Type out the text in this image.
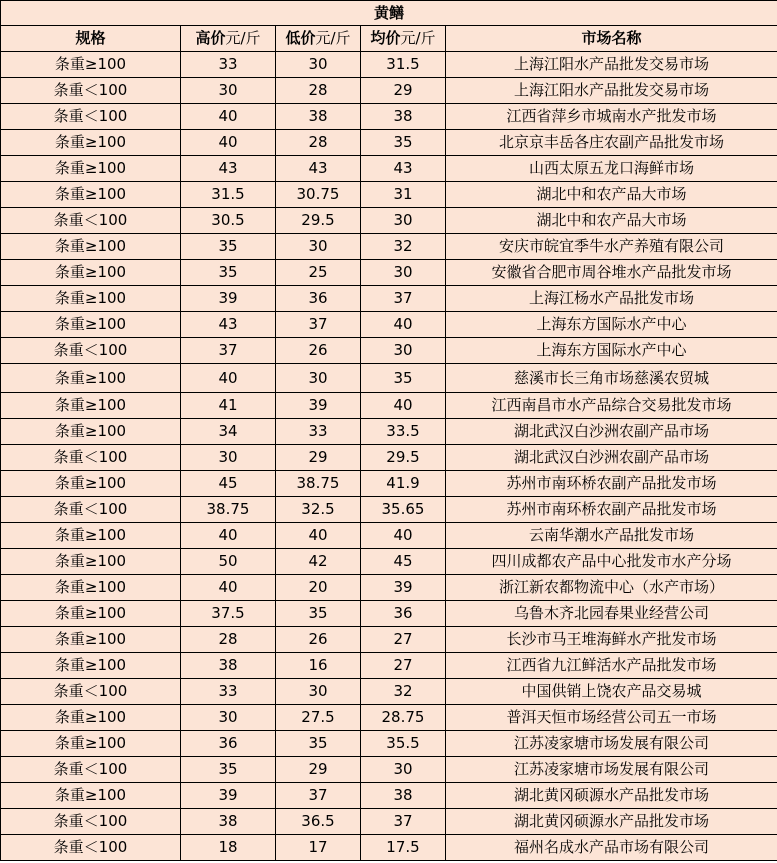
黄鳝				
规格	高价元/斤	低价元/斤	均价元/斤	市场名称
条重≥100	33	30	31.5	上海江阳水产品批发交易市场
条重＜100	30	28	29	上海江阳水产品批发交易市场
条重＜100	40	38	38	江西省萍乡市城南水产批发市场
条重≥100	40	28	35	北京京丰岳各庄农副产品批发市场
条重≥100	43	43	43	山西太原五龙口海鲜市场
条重≥100	31.5	30.75	31	湖北中和农产品大市场
条重＜100	30.5	29.5	30	湖北中和农产品大市场
条重≥100	35	30	32	安庆市皖宜季牛水产养殖有限公司
条重≥100	35	25	30	安徽省合肥市周谷堆水产品批发市场
条重≥100	39	36	37	上海江杨水产品批发市场
条重≥100	43	37	40	上海东方国际水产中心
条重＜100	37	26	30	上海东方国际水产中心
条重≥100	40	30	35	慈溪市长三角市场慈溪农贸城
条重≥100	41	39	40	江西南昌市水产品综合交易批发市场
条重≥100	34	33	33.5	湖北武汉白沙洲农副产品市场
条重＜100	30	29	29.5	湖北武汉白沙洲农副产品市场
条重≥100	45	38.75	41.9	苏州市南环桥农副产品批发市场
条重＜100	38.75	32.5	35.65	苏州市南环桥农副产品批发市场
条重≥100	40	40	40	云南华潮水产品批发市场
条重≥100	50	42	45	四川成都农产品中心批发市水产分场
条重≥100	40	20	39	浙江新农都物流中心（水产市场）
条重≥100	37.5	35	36	乌鲁木齐北园春果业经营公司
条重≥100	28	26	27	长沙市马王堆海鲜水产批发市场
条重≥100	38	16	27	江西省九江鲜活水产品批发市场
条重＜100	33	30	32	中国供销上饶农产品交易城
条重≥100	30	27.5	28.75	普洱天恒市场经营公司五一市场
条重≥100	36	35	35.5	江苏凌家塘市场发展有限公司
条重＜100	35	29	30	江苏凌家塘市场发展有限公司
条重≥100	39	37	38	湖北黄冈硕源水产品批发市场
条重＜100	38	36.5	37	湖北黄冈硕源水产品批发市场
条重＜100	18	17	17.5	福州名成水产品市场有限公司
